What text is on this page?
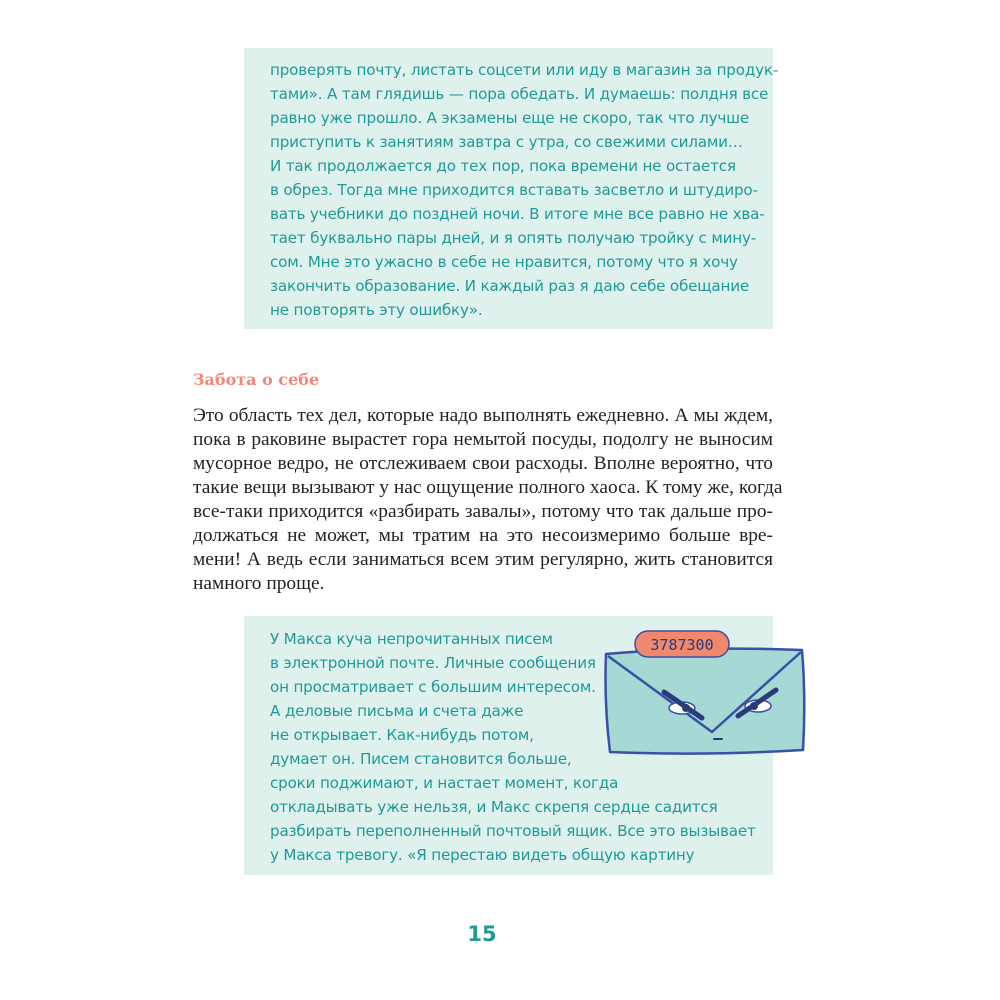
проверять почту, листать соцсети или иду в магазин за продук-
тами». А там глядишь — пора обедать. И думаешь: полдня все
равно уже прошло. А экзамены еще не скоро, так что лучше
приступить к занятиям завтра с утра, со свежими силами…
И так продолжается до тех пор, пока времени не остается
в обрез. Тогда мне приходится вставать засветло и штудиро-
вать учебники до поздней ночи. В итоге мне все равно не хва-
тает буквально пары дней, и я опять получаю тройку с мину-
сом. Мне это ужасно в себе не нравится, потому что я хочу
закончить образование. И каждый раз я даю себе обещание
не повторять эту ошибку».
Забота о себе
Это область тех дел, которые надо выполнять ежедневно. А мы ждем,
пока в раковине вырастет гора немытой посуды, подолгу не выносим
мусорное ведро, не отслеживаем свои расходы. Вполне вероятно, что
такие вещи вызывают у нас ощущение полного хаоса. К тому же, когда
все-таки приходится «разбирать завалы», потому что так дальше про-
должаться не может, мы тратим на это несоизмеримо больше вре-
мени! А ведь если заниматься всем этим регулярно, жить становится
намного проще.
У Макса куча непрочитанных писем
в электронной почте. Личные сообщения
он просматривает с большим интересом.
А деловые письма и счета даже
не открывает. Как-нибудь потом,
думает он. Писем становится больше,
сроки поджимают, и настает момент, когда
откладывать уже нельзя, и Макс скрепя сердце садится
разбирать переполненный почтовый ящик. Все это вызывает
у Макса тревогу. «Я перестаю видеть общую картину
3787300
15
